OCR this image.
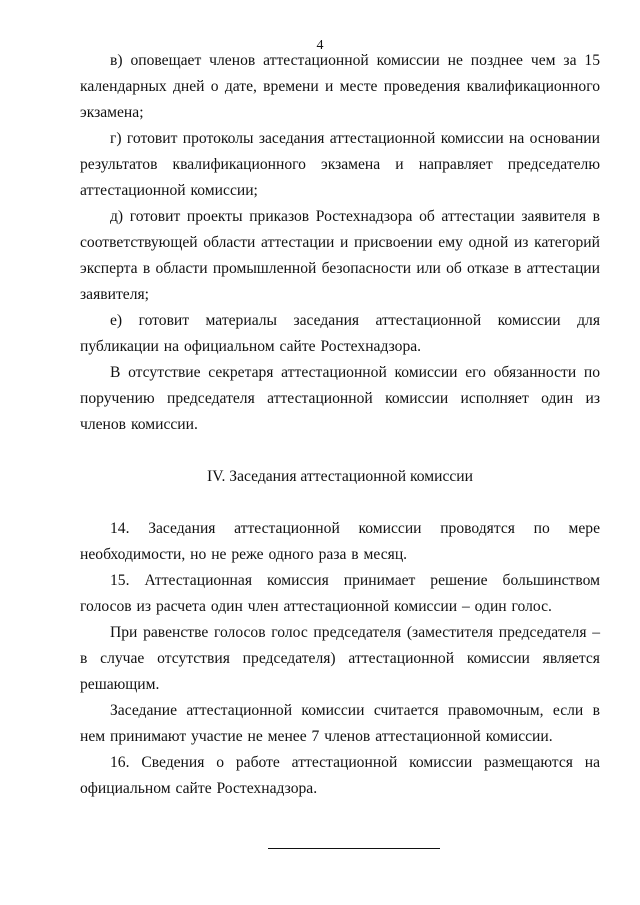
4

в) оповещает членов аттестационной комиссии не позднее чем за 15 календарных дней о дате, времени и месте проведения квалификационного экзамена;

г) готовит протоколы заседания аттестационной комиссии на основании результатов квалификационного экзамена и направляет председателю аттестационной комиссии;

д) готовит проекты приказов Ростехнадзора об аттестации заявителя в соответствующей области аттестации и присвоении ему одной из категорий эксперта в области промышленной безопасности или об отказе в аттестации заявителя;

е) готовит материалы заседания аттестационной комиссии для публикации на официальном сайте Ростехнадзора.

В отсутствие секретаря аттестационной комиссии его обязанности по поручению председателя аттестационной комиссии исполняет один из членов комиссии.

IV. Заседания аттестационной комиссии

14. Заседания аттестационной комиссии проводятся по мере необходимости, но не реже одного раза в месяц.

15. Аттестационная комиссия принимает решение большинством голосов из расчета один член аттестационной комиссии – один голос.

При равенстве голосов голос председателя (заместителя председателя – в случае отсутствия председателя) аттестационной комиссии является решающим.

Заседание аттестационной комиссии считается правомочным, если в нем принимают участие не менее 7 членов аттестационной комиссии.

16. Сведения о работе аттестационной комиссии размещаются на официальном сайте Ростехнадзора.
